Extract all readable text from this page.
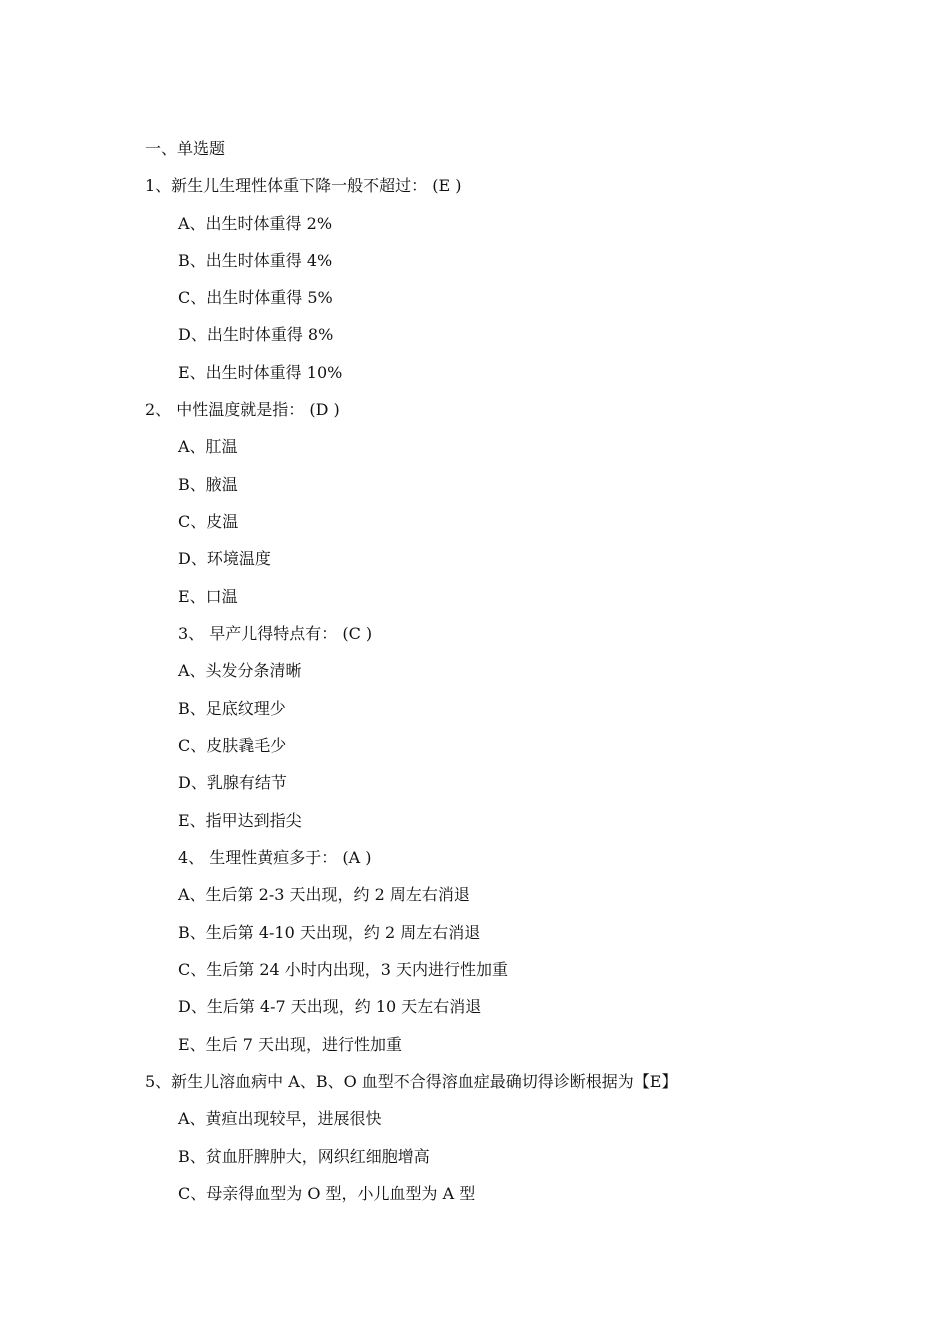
一、单选题
1、新生儿生理性体重下降一般不超过： (E )
A、出生时体重得 2%
B、出生时体重得 4%
C、出生时体重得 5%
D、出生时体重得 8%
E、出生时体重得 10%
2、 中性温度就是指： (D )
A、肛温
B、腋温
C、皮温
D、环境温度
E、口温
3、 早产儿得特点有： (C )
A、头发分条清晰
B、足底纹理少
C、皮肤毳毛少
D、乳腺有结节
E、指甲达到指尖
4、 生理性黄疸多于： (A )
A、生后第 2-3 天出现，约 2 周左右消退
B、生后第 4-10 天出现，约 2 周左右消退
C、生后第 24 小时内出现，3 天内进行性加重
D、生后第 4-7 天出现，约 10 天左右消退
E、生后 7 天出现，进行性加重
5、新生儿溶血病中 A、B、O 血型不合得溶血症最确切得诊断根据为【E】
A、黄疸出现较早，进展很快
B、贫血肝脾肿大，网织红细胞增高
C、母亲得血型为 O 型，小儿血型为 A 型
